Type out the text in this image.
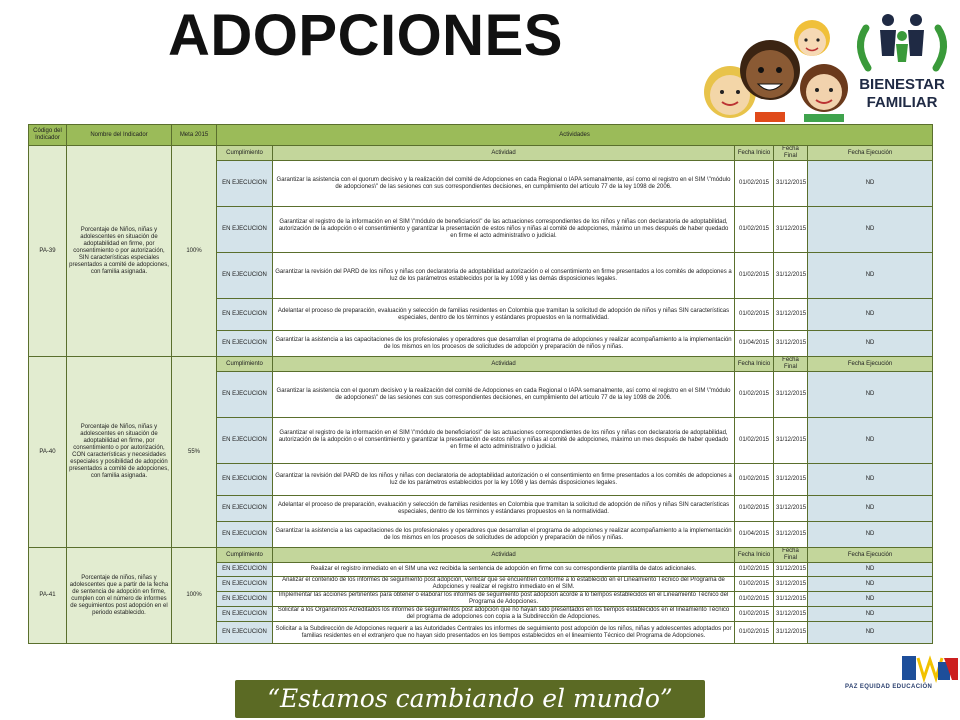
ADOPCIONES
BIENESTAR
FAMILIAR
Código del Indicador	Nombre del Indicador	Meta 2015	Actividades				
PA-39	Porcentaje de Niños, niñas y adolescentes en situación de adoptabilidad en firme, por consentimiento o por autorización, SIN características especiales presentados a comité de adopciones, con familia asignada.	100%	Cumplimiento	Actividad	Fecha Inicio	Fecha Final	Fecha Ejecución
			EN EJECUCION	Garantizar la asistencia con el quorum decisivo y la realización del comité de Adopciones en cada Regional o IAPA semanalmente, así como el registro en el SIM \"módulo de adopciones\" de las sesiones con sus correspondientes decisiones, en cumplimiento del artículo 77 de la ley 1098 de 2006.	01/02/2015	31/12/2015	ND
			EN EJECUCION	Garantizar el registro de la información en el SIM \"módulo de beneficiarios\" de las actuaciones correspondientes de los niños y niñas con declaratoria de adoptabilidad, autorización de la adopción o el consentimiento y garantizar la presentación de estos niños y niñas al comité de adopciones, máximo un mes después de haber quedado en firme el acto administrativo o judicial.	01/02/2015	31/12/2015	ND
			EN EJECUCION	Garantizar la revisión del PARD de los niños y niñas con declaratoria de adoptabilidad autorización o el consentimiento en firme presentados a los comités de adopciones a luz de los parámetros establecidos por la ley 1098 y las demás disposiciones legales.	01/02/2015	31/12/2015	ND
			EN EJECUCION	Adelantar el proceso de preparación, evaluación y selección de familias residentes en Colombia que tramitan la solicitud de adopción de niños y niñas SIN características especiales, dentro de los términos y estándares propuestos en la normatividad.	01/02/2015	31/12/2015	ND
			EN EJECUCION	Garantizar la asistencia a las capacitaciones de los profesionales y operadores que desarrollan el programa de adopciones y realizar acompañamiento a la implementación de los mismos en los procesos de solicitudes de adopción y preparación de niños y niñas.	01/04/2015	31/12/2015	ND
PA-40	Porcentaje de Niños, niñas y adolescentes en situación de adoptabilidad en firme, por consentimiento o por autorización, CON características y necesidades especiales y posibilidad de adopción presentados a comité de adopciones, con familia asignada.	55%	Cumplimiento	Actividad	Fecha Inicio	Fecha Final	Fecha Ejecución
			EN EJECUCION	Garantizar la asistencia con el quorum decisivo y la realización del comité de Adopciones en cada Regional o IAPA semanalmente, así como el registro en el SIM \"módulo de adopciones\" de las sesiones con sus correspondientes decisiones, en cumplimiento del artículo 77 de la ley 1098 de 2006.	01/02/2015	31/12/2015	ND
			EN EJECUCION	Garantizar el registro de la información en el SIM \"módulo de beneficiarios\" de las actuaciones correspondientes de los niños y niñas con declaratoria de adoptabilidad, autorización de la adopción o el consentimiento y garantizar la presentación de estos niños y niñas al comité de adopciones, máximo un mes después de haber quedado en firme el acto administrativo o judicial.	01/02/2015	31/12/2015	ND
			EN EJECUCION	Garantizar la revisión del PARD de los niños y niñas con declaratoria de adoptabilidad autorización o el consentimiento en firme presentados a los comités de adopciones a luz de los parámetros establecidos por la ley 1098 y las demás disposiciones legales.	01/02/2015	31/12/2015	ND
			EN EJECUCION	Adelantar el proceso de preparación, evaluación y selección de familias residentes en Colombia que tramitan la solicitud de adopción de niños y niñas SIN características especiales, dentro de los términos y estándares propuestos en la normatividad.	01/02/2015	31/12/2015	ND
			EN EJECUCION	Garantizar la asistencia a las capacitaciones de los profesionales y operadores que desarrollan el programa de adopciones y realizar acompañamiento a la implementación de los mismos en los procesos de solicitudes de adopción y preparación de niños y niñas.	01/04/2015	31/12/2015	ND
PA-41	Porcentaje de niños, niñas y adolescentes que a partir de la fecha de sentencia de adopción en firme, cumplen con el número de informes de seguimientos post adopción en el periodo establecido.	100%	Cumplimiento	Actividad	Fecha Inicio	Fecha Final	Fecha Ejecución
			EN EJECUCION	Realizar el registro inmediato en el SIM una vez recibida la sentencia de adopción en firme con su correspondiente plantilla de datos adicionales.	01/02/2015	31/12/2015	ND
			EN EJECUCION	Analizar el contenido de los informes de seguimiento post adopción, verificar que se encuentren conforme a lo establecido en el Lineamiento Técnico del Programa de Adopciones y realizar el registro inmediato en el SIM.	01/02/2015	31/12/2015	ND
			EN EJECUCION	Implementar las acciones pertinentes para obtener o elaborar los informes de seguimiento post adopción acorde a lo tiempos establecidos en el Lineamiento Técnico del Programa de Adopciones.	01/02/2015	31/12/2015	ND
			EN EJECUCION	Solicitar a los Organismos Acreditados los informes de seguimientos post adopción que no hayan sido presentados en los tiempos establecidos en el lineamiento Técnico del programa de adopciones con copia a la Subdirección de Adopciones.	01/02/2015	31/12/2015	ND
			EN EJECUCION	Solicitar a la Subdirección de Adopciones requerir a las Autoridades Centrales los informes de seguimiento post adopción de los niños, niñas y adolescentes adoptados por familias residentes en el extranjero que no hayan sido presentados en los tiempos establecidos en el lineamiento Técnico del Programa de Adopciones.	01/02/2015	31/12/2015	ND
“Estamos cambiando el mundo”	PAZ EQUIDAD EDUCACIÓN
